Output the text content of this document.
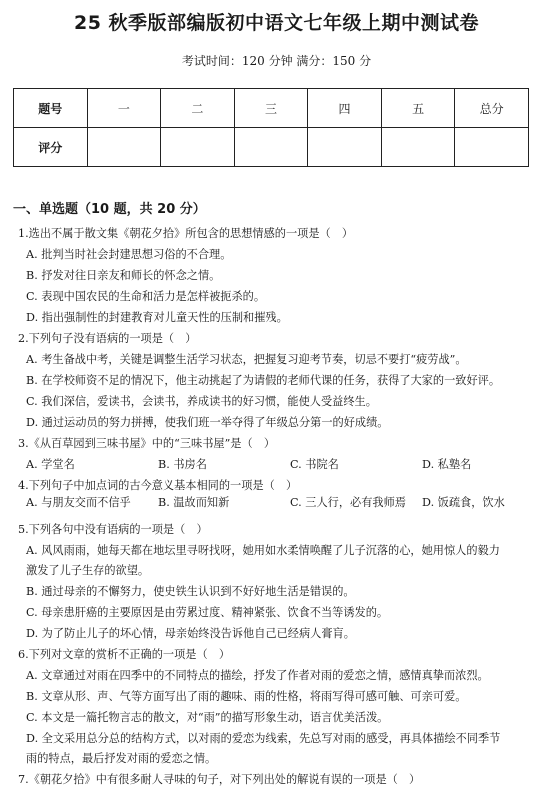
25 秋季版部编版初中语文七年级上期中测试卷
考试时间：120 分钟 满分：150 分
题号	一	二	三	四	五	总分
评分						
一、单选题（10 题，共 20 分）
1.选出不属于散文集《朝花夕拾》所包含的思想情感的一项是（　）
A. 批判当时社会封建思想习俗的不合理。
B. 抒发对往日亲友和师长的怀念之情。
C. 表现中国农民的生命和活力是怎样被扼杀的。
D. 指出强制性的封建教育对儿童天性的压制和摧残。
2.下列句子没有语病的一项是（　）
A. 考生备战中考，关键是调整生活学习状态，把握复习迎考节奏，切忌不要打“疲劳战”。
B. 在学校师资不足的情况下，他主动挑起了为请假的老师代课的任务，获得了大家的一致好评。
C. 我们深信，爱读书，会读书，养成读书的好习惯，能使人受益终生。
D. 通过运动员的努力拼搏，使我们班一举夺得了年级总分第一的好成绩。
3.《从百草园到三味书屋》中的“三味书屋”是（　）
A. 学堂名	B. 书房名	C. 书院名	D. 私塾名
4.下列句子中加点词的古今意义基本相同的一项是（　）
A. 与朋友交而不信乎 B. 温故而知新	C. 三人行，必有我师焉 D. 饭疏食，饮水
5.下列各句中没有语病的一项是（　）
A. 风风雨雨，她每天都在地坛里寻呀找呀，她用如水柔情唤醒了儿子沉落的心，她用惊人的毅力
激发了儿子生存的欲望。
B. 通过母亲的不懈努力，使史铁生认识到不好好地生活是错误的。
C. 母亲患肝癌的主要原因是由劳累过度、精神紧张、饮食不当等诱发的。
D. 为了防止儿子的坏心情，母亲始终没告诉他自己已经病人膏肓。
6.下列对文章的赏析不正确的一项是（　）
A. 文章通过对雨在四季中的不同特点的描绘，抒发了作者对雨的爱恋之情，感情真挚而浓烈。
B. 文章从形、声、气等方面写出了雨的趣味、雨的性格，将雨写得可感可触、可亲可爱。
C. 本文是一篇托物言志的散文，对“雨”的描写形象生动，语言优美活泼。
D. 全文采用总分总的结构方式，以对雨的爱恋为线索，先总写对雨的感受，再具体描绘不同季节
雨的特点，最后抒发对雨的爱恋之情。
7.《朝花夕拾》中有很多耐人寻味的句子，对下列出处的解说有误的一项是（　）
